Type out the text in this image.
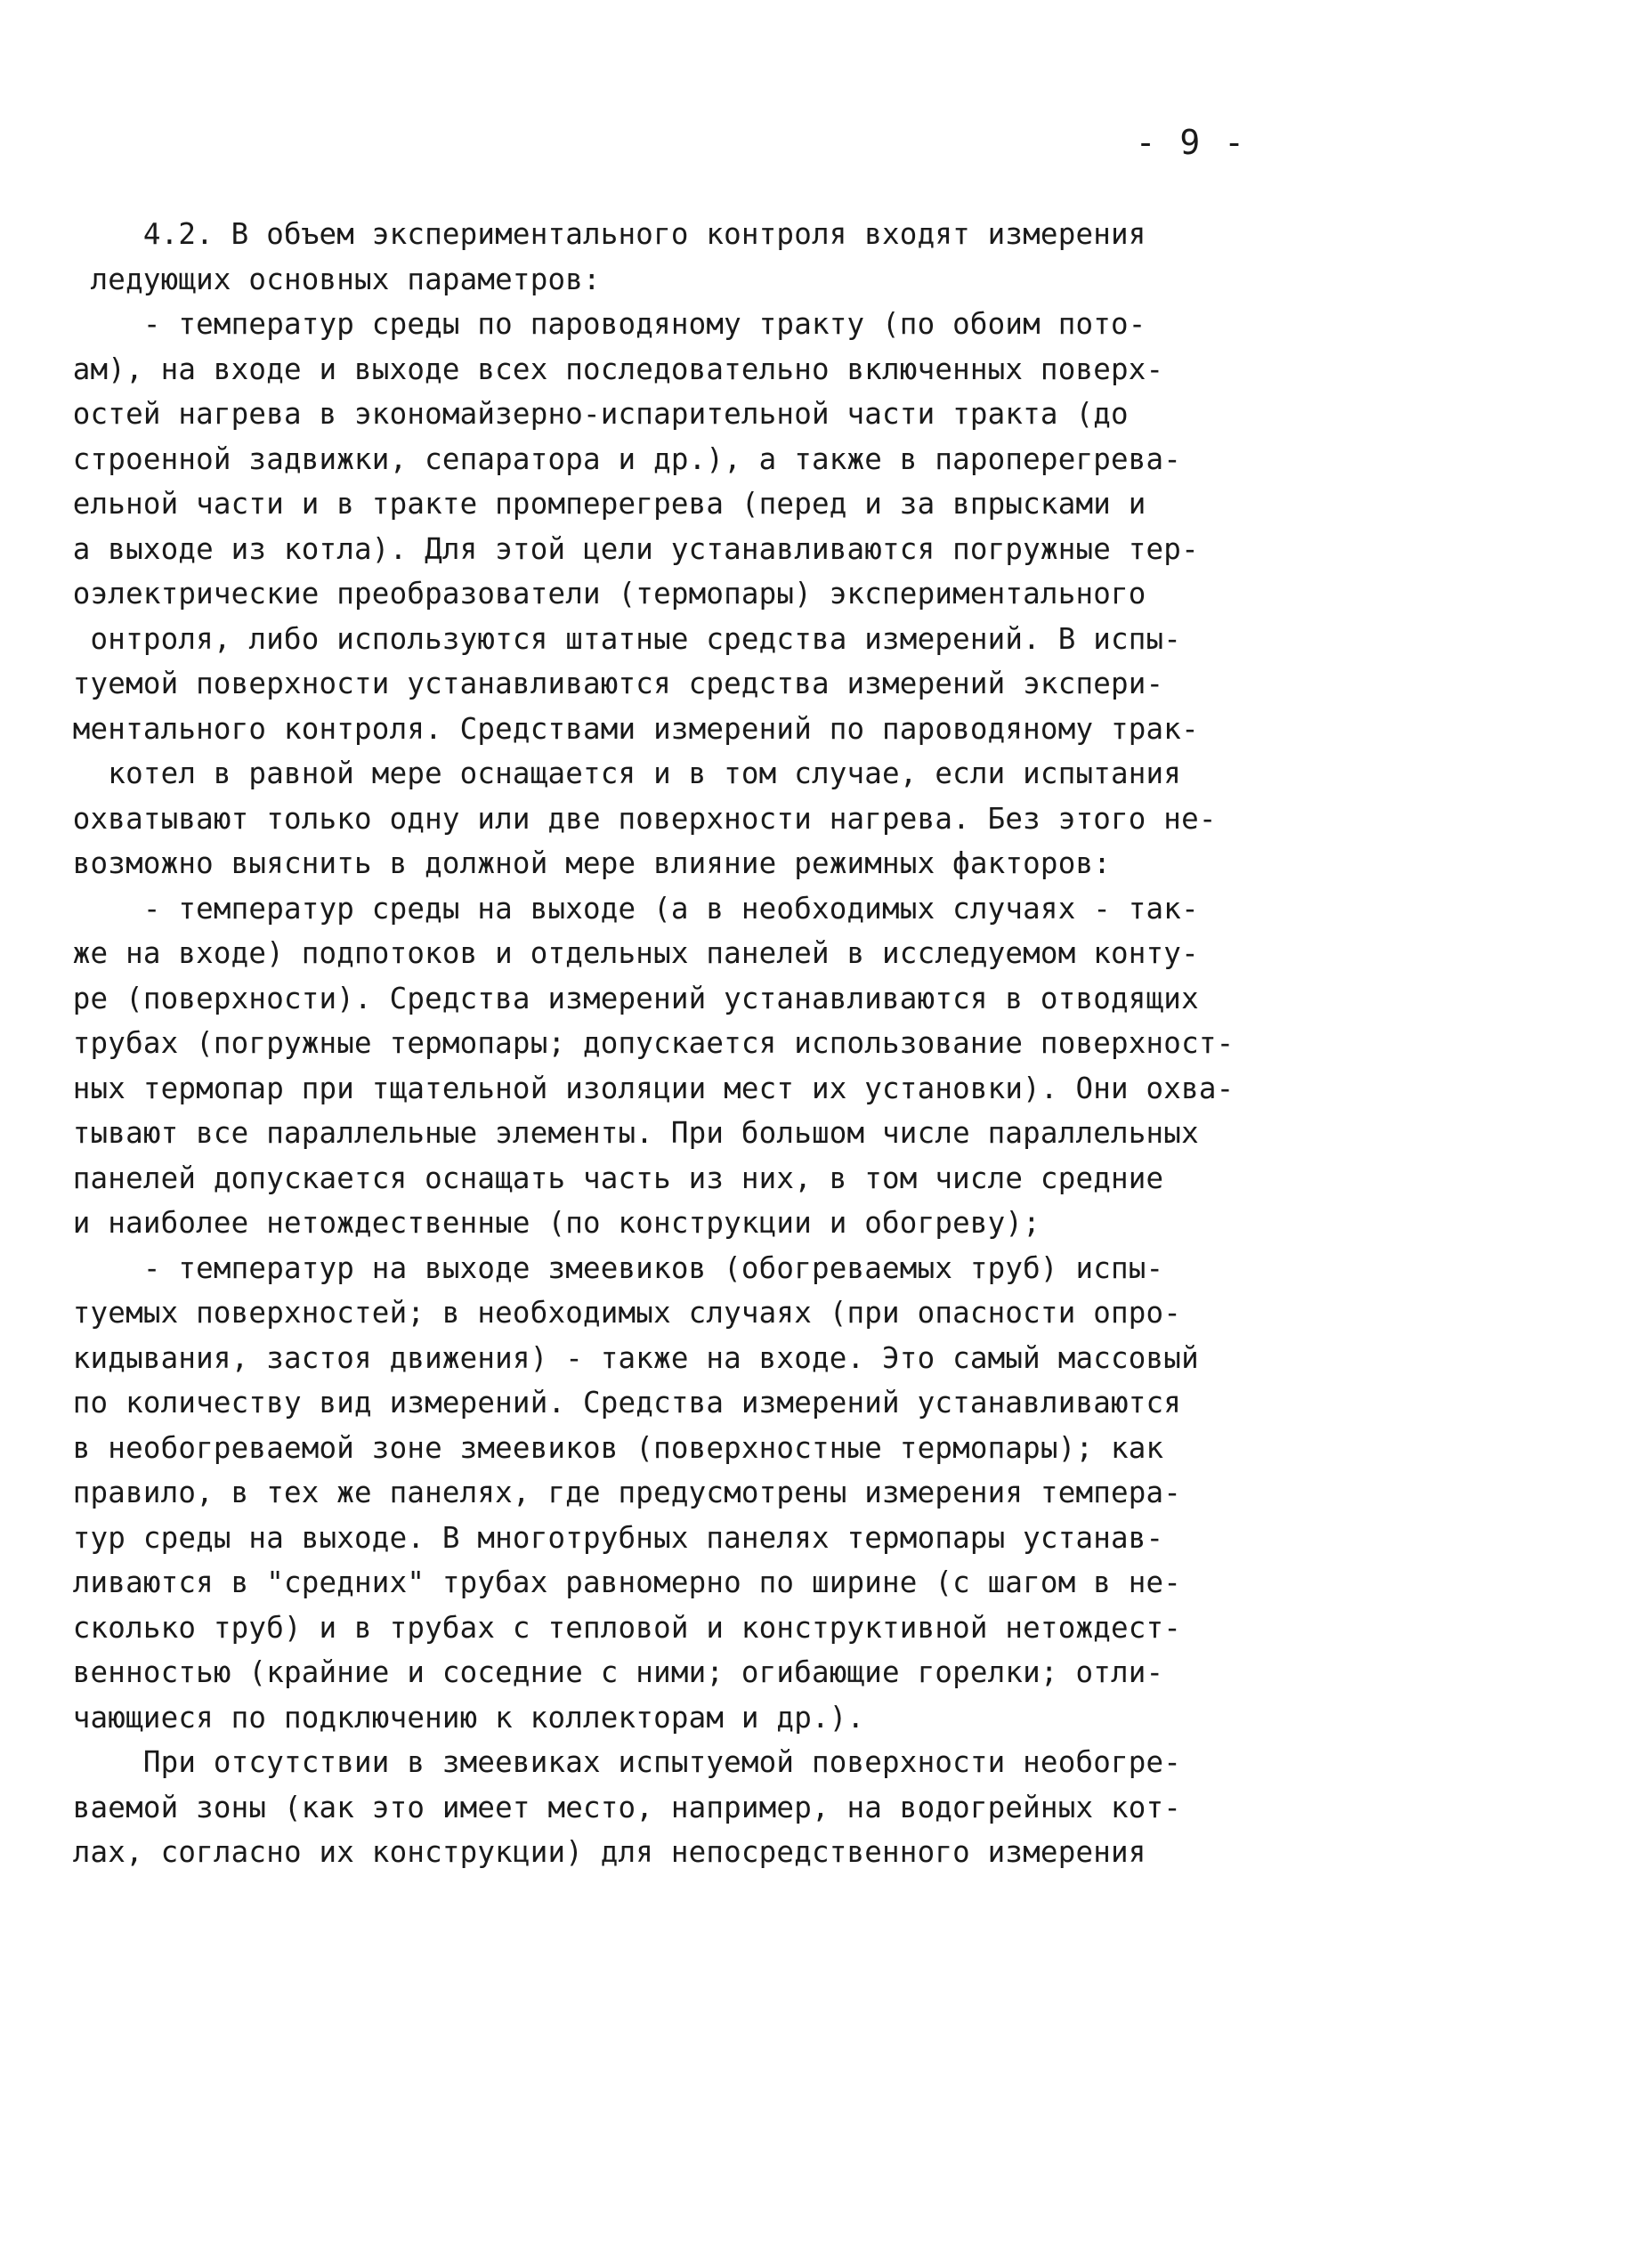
- 9 -
4.2. В объем экспериментального контроля входят измерения
ледующих основных параметров:
- температур среды по пароводяному тракту (по обоим пото-
ам), на входе и выходе всех последовательно включенных поверх-
остей нагрева в экономайзерно-испарительной части тракта (до
строенной задвижки, сепаратора и др.), а также в пароперегрева-
ельной части и в тракте промперегрева (перед и за впрысками и
а выходе из котла). Для этой цели устанавливаются погружные тер-
оэлектрические преобразователи (термопары) экспериментального
онтроля, либо используются штатные средства измерений. В испы-
туемой поверхности устанавливаются средства измерений экспери-
ментального контроля. Средствами измерений по пароводяному трак-
котел в равной мере оснащается и в том случае, если испытания
охватывают только одну или две поверхности нагрева. Без этого не-
возможно выяснить в должной мере влияние режимных факторов:
- температур среды на выходе (а в необходимых случаях - так-
же на входе) подпотоков и отдельных панелей в исследуемом конту-
ре (поверхности). Средства измерений устанавливаются в отводящих
трубах (погружные термопары; допускается использование поверхност-
ных термопар при тщательной изоляции мест их установки). Они охва-
тывают все параллельные элементы. При большом числе параллельных
панелей допускается оснащать часть из них, в том числе средние
и наиболее нетождественные (по конструкции и обогреву);
- температур на выходе змеевиков (обогреваемых труб) испы-
туемых поверхностей; в необходимых случаях (при опасности опро-
кидывания, застоя движения) - также на входе. Это самый массовый
по количеству вид измерений. Средства измерений устанавливаются
в необогреваемой зоне змеевиков (поверхностные термопары); как
правило, в тех же панелях, где предусмотрены измерения темпера-
тур среды на выходе. В многотрубных панелях термопары устанав-
ливаются в "средних" трубах равномерно по ширине (с шагом в не-
сколько труб) и в трубах с тепловой и конструктивной нетождест-
венностью (крайние и соседние с ними; огибающие горелки; отли-
чающиеся по подключению к коллекторам и др.).
При отсутствии в змеевиках испытуемой поверхности необогре-
ваемой зоны (как это имеет место, например, на водогрейных кот-
лах, согласно их конструкции) для непосредственного измерения
